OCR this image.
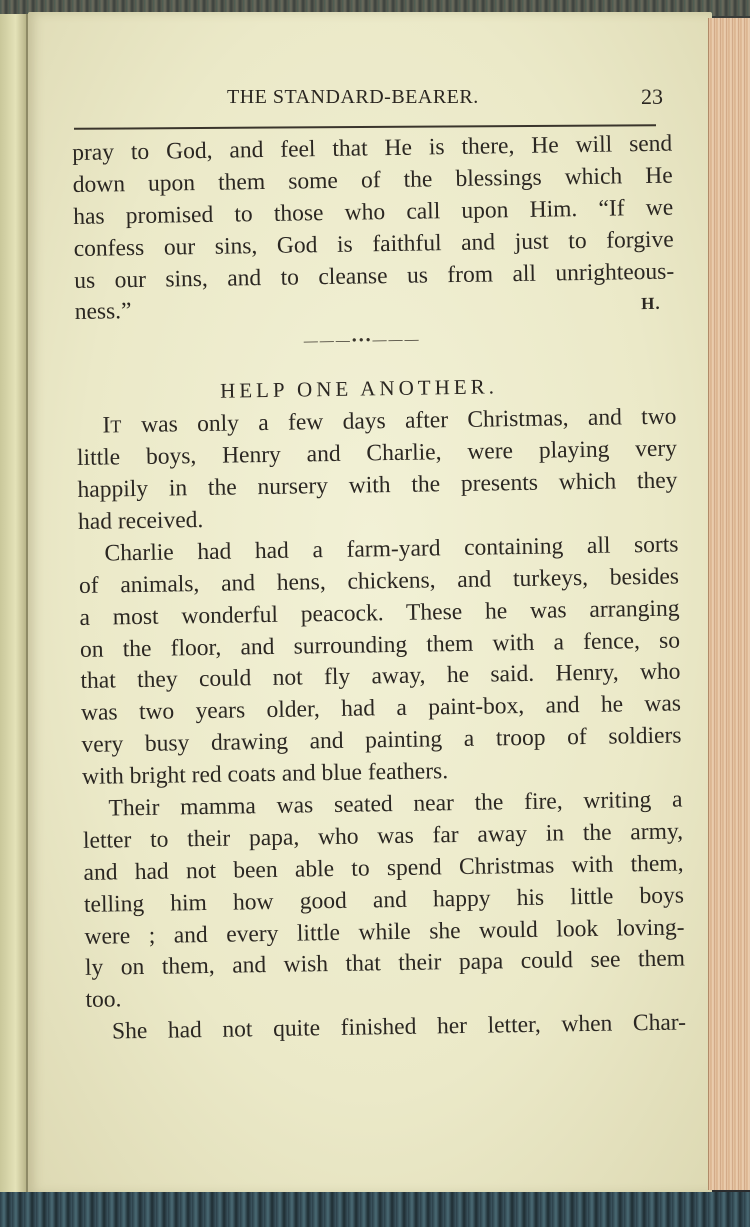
THE STANDARD-BEARER.	23
pray to God, and feel that He is there, He will send
down upon them some of the blessings which He
has promised to those who call upon Him. “If we
confess our sins, God is faithful and just to forgive
us our sins, and to cleanse us from all unrighteous-
ness.”	H.
———•••———
HELP ONE ANOTHER.
IT was only a few days after Christmas, and two
little boys, Henry and Charlie, were playing very
happily in the nursery with the presents which they
had received.
Charlie had had a farm-yard containing all sorts
of animals, and hens, chickens, and turkeys, besides
a most wonderful peacock. These he was arranging
on the floor, and surrounding them with a fence, so
that they could not fly away, he said. Henry, who
was two years older, had a paint-box, and he was
very busy drawing and painting a troop of soldiers
with bright red coats and blue feathers.
Their mamma was seated near the fire, writing a
letter to their papa, who was far away in the army,
and had not been able to spend Christmas with them,
telling him how good and happy his little boys
were ; and every little while she would look loving-
ly on them, and wish that their papa could see them
too.
She had not quite finished her letter, when Char-
